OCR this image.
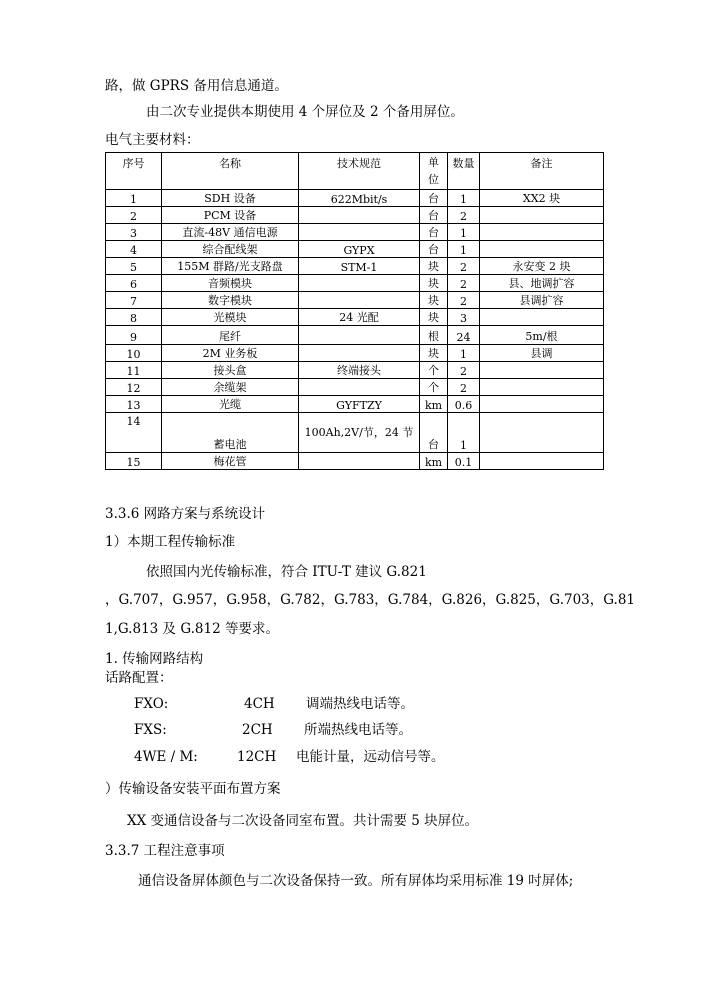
路，做 GPRS 备用信息通道。
由二次专业提供本期使用 4 个屏位及 2 个备用屏位。
电气主要材料：
序号	名称	技术规范	单位	数量	备注
1	SDH 设备	622Mbit/s	台	1	XX2 块
2	PCM 设备		台	2	
3	直流-48V 通信电源		台	1	
4	综合配线架	GYPX	台	1	
5	155M 群路/光支路盘	STM-1	块	2	永安变 2 块
6	音频模块		块	2	县、地调扩容
7	数字模块		块	2	县调扩容
8	光模块	24 光配	块	3	
9	尾纤		根	24	5m/根
10	2M 业务板		块	1	县调
11	接头盒	终端接头	个	2	
12	余缆架		个	2	
13	光缆	GYFTZY	km	0.6	
14	蓄电池	100Ah,2V/节，24 节	台	1	
15	梅花管		km	0.1	
3.3.6 网路方案与系统设计
1）本期工程传输标准
依照国内光传输标准，符合 ITU-T 建议 G.821
，G.707，G.957，G.958，G.782，G.783，G.784，G.826，G.825，G.703，G.81
1,G.813 及 G.812 等要求。
1. 传输网路结构
话路配置：
FXO:	4CH 调端热线电话等。
FXS:	2CH 所端热线电话等。
4WE / M:	12CH 电能计量，远动信号等。
）传输设备安装平面布置方案
XX 变通信设备与二次设备同室布置。共计需要 5 块屏位。
3.3.7 工程注意事项
通信设备屏体颜色与二次设备保持一致。所有屏体均采用标准 19 吋屏体;
